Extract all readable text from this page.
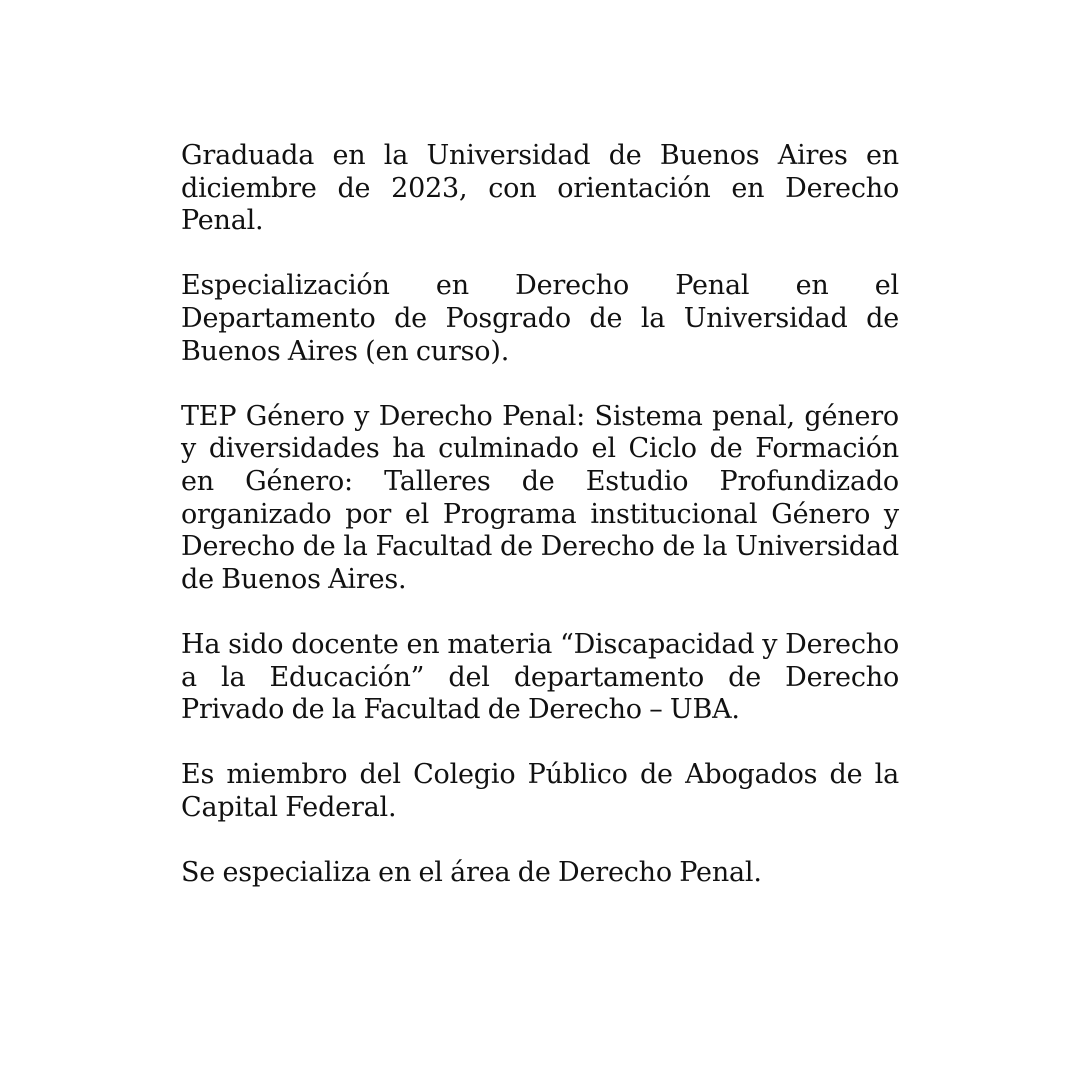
Graduada en la Universidad de Buenos Aires en diciembre de 2023, con orientación en Derecho Penal.

Especialización en Derecho Penal en el Departamento de Posgrado de la Universidad de Buenos Aires (en curso).

TEP Género y Derecho Penal: Sistema penal, género y diversidades ha culminado el Ciclo de Formación en Género: Talleres de Estudio Profundizado organizado por el Programa institucional Género y Derecho de la Facultad de Derecho de la Universidad de Buenos Aires.

Ha sido docente en materia “Discapacidad y Derecho a la Educación” del departamento de Derecho Privado de la Facultad de Derecho – UBA.

Es miembro del Colegio Público de Abogados de la Capital Federal.

Se especializa en el área de Derecho Penal.
